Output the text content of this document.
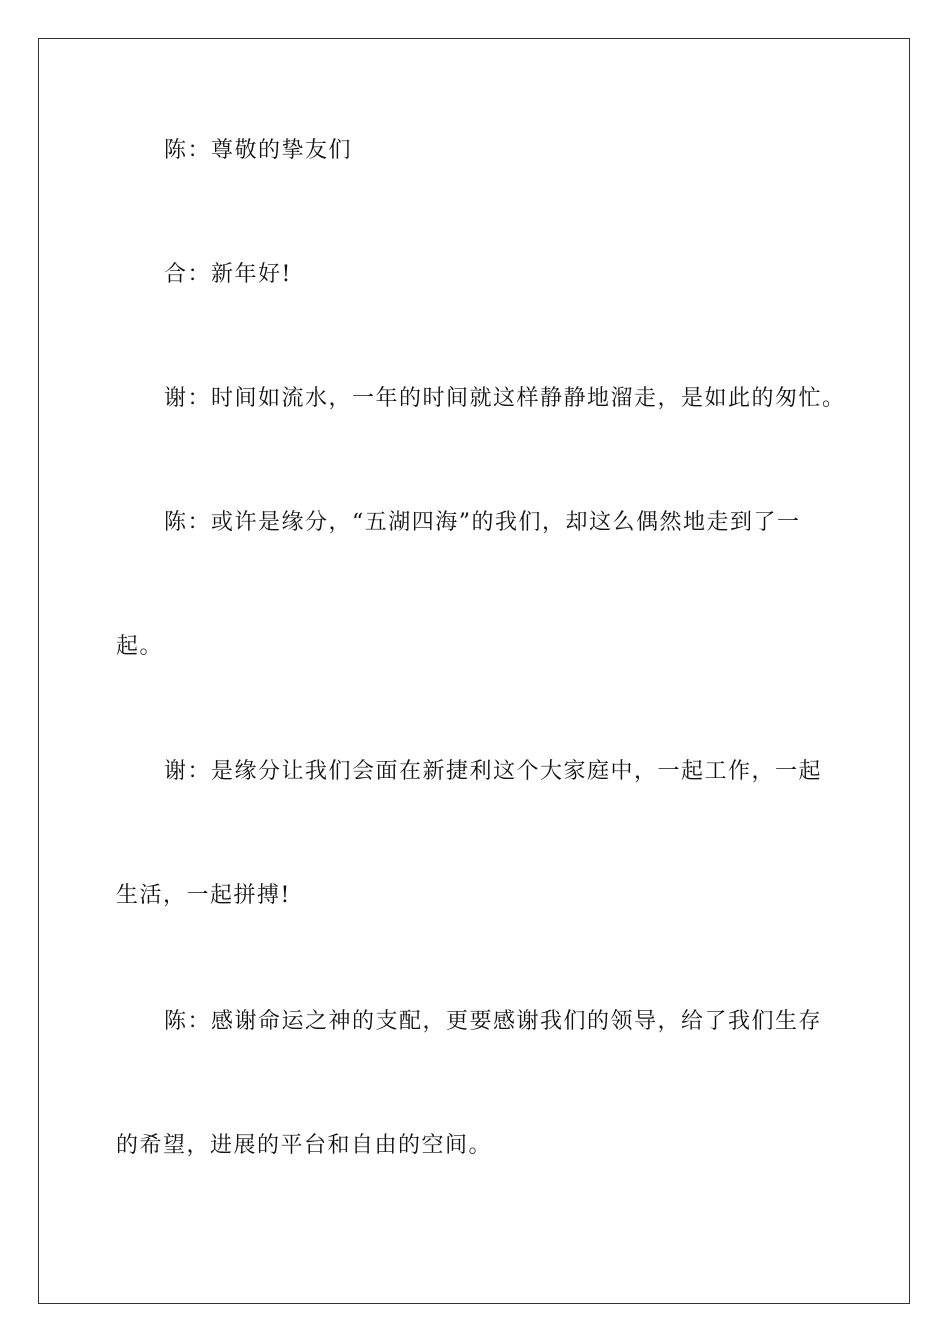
陈：尊敬的挚友们
合：新年好!
谢：时间如流水，一年的时间就这样静静地溜走，是如此的匆忙。
陈：或许是缘分，“五湖四海”的我们，却这么偶然地走到了一
起。
谢：是缘分让我们会面在新捷利这个大家庭中，一起工作，一起
生活，一起拼搏!
陈：感谢命运之神的支配，更要感谢我们的领导，给了我们生存
的希望，进展的平台和自由的空间。
